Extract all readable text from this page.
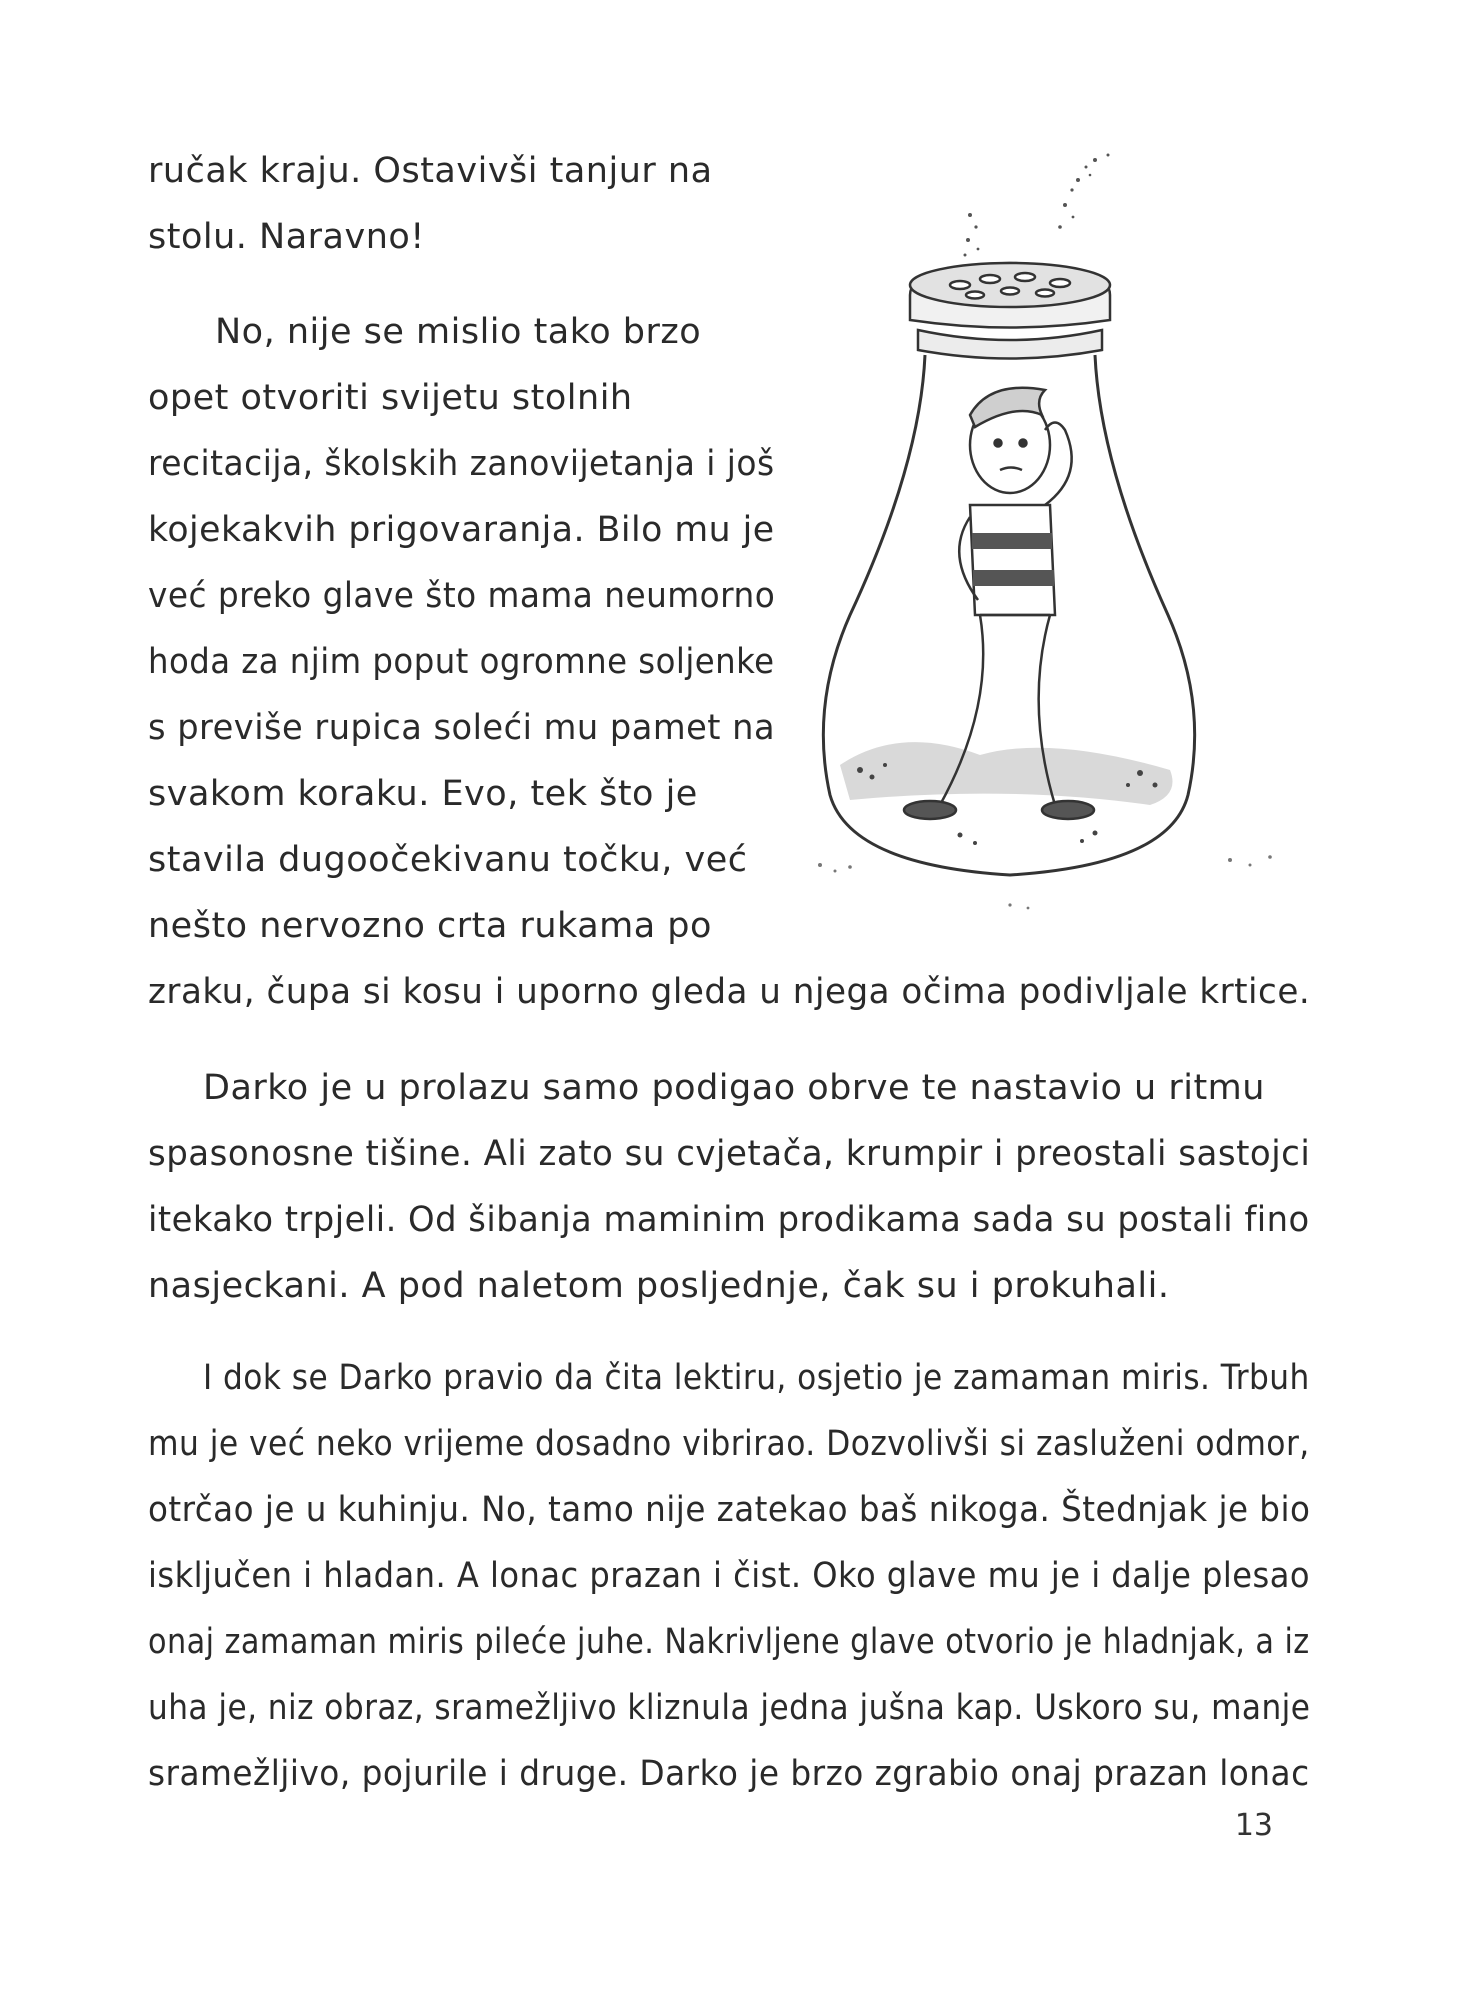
ručak kraju. Ostavivši tanjur na

stolu. Naravno!

No, nije se mislio tako brzo

opet otvoriti svijetu stolnih

recitacija, školskih zanovijetanja i još

kojekakvih prigovaranja. Bilo mu je

već preko glave što mama neumorno

hoda za njim poput ogromne soljenke

s previše rupica soleći mu pamet na

svakom koraku. Evo, tek što je

stavila dugoočekivanu točku, već

nešto nervozno crta rukama po

zraku, čupa si kosu i uporno gleda u njega očima podivljale krtice.

Darko je u prolazu samo podigao obrve te nastavio u ritmu

spasonosne tišine. Ali zato su cvjetača, krumpir i preostali sastojci

itekako trpjeli. Od šibanja maminim prodikama sada su postali fino

nasjeckani. A pod naletom posljednje, čak su i prokuhali.

I dok se Darko pravio da čita lektiru, osjetio je zamaman miris. Trbuh

mu je već neko vrijeme dosadno vibrirao. Dozvolivši si zasluženi odmor,

otrčao je u kuhinju. No, tamo nije zatekao baš nikoga. Štednjak je bio

isključen i hladan. A lonac prazan i čist. Oko glave mu je i dalje plesao

onaj zamaman miris pileće juhe. Nakrivljene glave otvorio je hladnjak, a iz

uha je, niz obraz, sramežljivo kliznula jedna jušna kap. Uskoro su, manje

sramežljivo, pojurile i druge. Darko je brzo zgrabio onaj prazan lonac

13
